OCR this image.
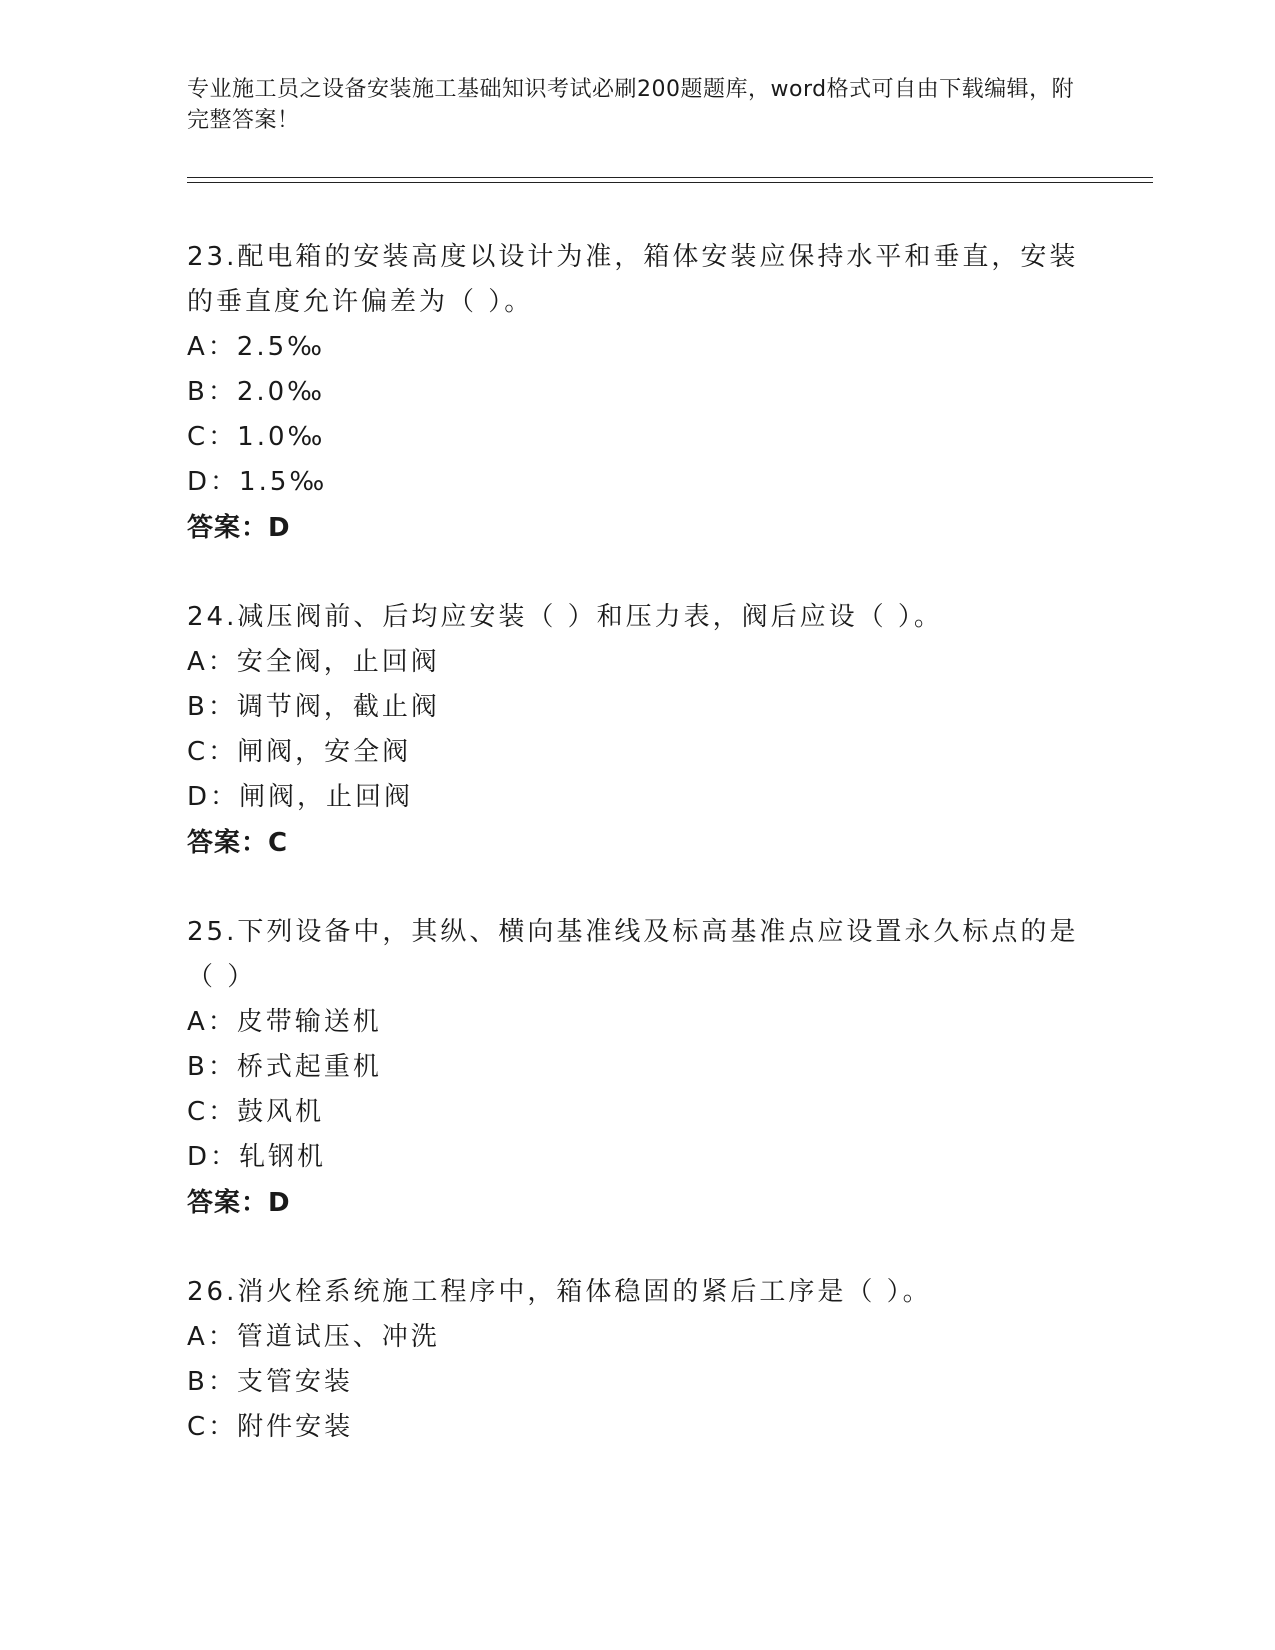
专业施工员之设备安装施工基础知识考试必刷200题题库，word格式可自由下载编辑，附完整答案！
23.配电箱的安装高度以设计为准，箱体安装应保持水平和垂直，安装的垂直度允许偏差为（ ）。
A：2.5‰
B：2.0‰
C：1.0‰
D：1.5‰
答案：D
24.减压阀前、后均应安装（ ）和压力表，阀后应设（ ）。
A：安全阀，止回阀
B：调节阀，截止阀
C：闸阀，安全阀
D：闸阀，止回阀
答案：C
25.下列设备中，其纵、横向基准线及标高基准点应设置永久标点的是（ ）
A：皮带输送机
B：桥式起重机
C：鼓风机
D：轧钢机
答案：D
26.消火栓系统施工程序中，箱体稳固的紧后工序是（ ）。
A：管道试压、冲洗
B：支管安装
C：附件安装
